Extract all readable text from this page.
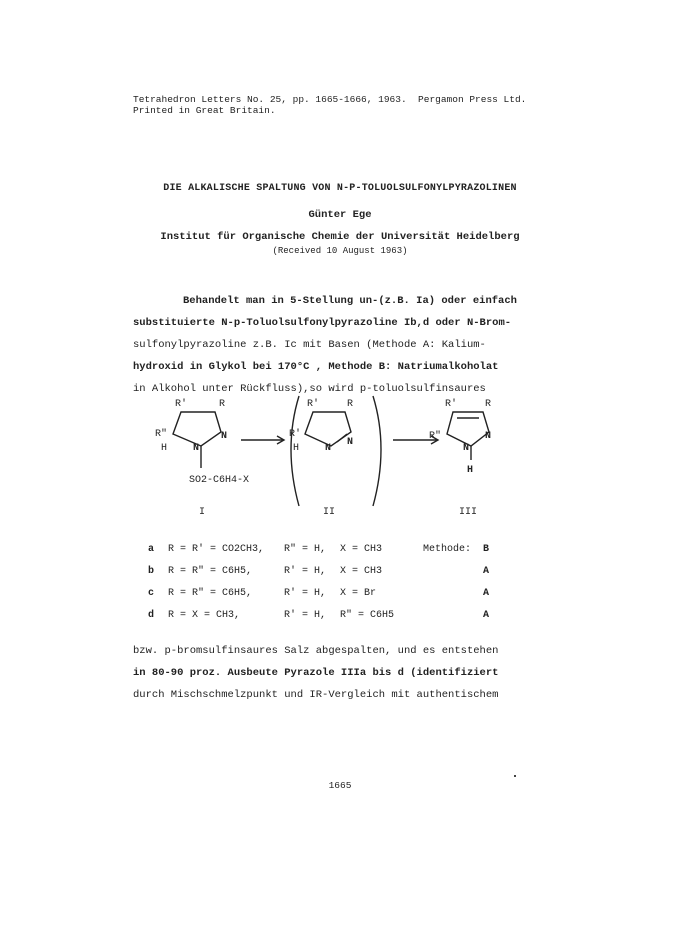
Tetrahedron Letters No. 25, pp. 1665-1666, 1963.  Pergamon Press Ltd.
Printed in Great Britain.
DIE ALKALISCHE SPALTUNG VON N-P-TOLUOLSULFONYLPYRAZOLINEN
Günter Ege
Institut für Organische Chemie der Universität Heidelberg
(Received 10 August 1963)
Behandelt man in 5-Stellung un-(z.B. Ia) oder einfach
substituierte N-p-Toluolsulfonylpyrazoline Ib,d oder N-Brom-
sulfonylpyrazoline z.B. Ic mit Basen (Methode A: Kalium-
hydroxid in Glykol bei 170°C , Methode B: Natriumalkoholat
in Alkohol unter Rückfluss),so wird p-toluolsulfinsaures
R'	R
R"
H	N
N
SO2-C6H4-X
I
R'	R
R'
H	N
N
II
R'	R
R"
N
N
H
III
a R = R' = CO2CH3, R" = H, X = CH3	Methode: B
b R = R" = C6H5,	R' = H, X = CH3	A
c R = R" = C6H5,	R' = H, X = Br	A
d R = X = CH3,	R' = H, R" = C6H5	A
bzw. p-bromsulfinsaures Salz abgespalten, und es entstehen
in 80-90 proz. Ausbeute Pyrazole IIIa bis d (identifiziert
durch Mischschmelzpunkt und IR-Vergleich mit authentischem
1665
